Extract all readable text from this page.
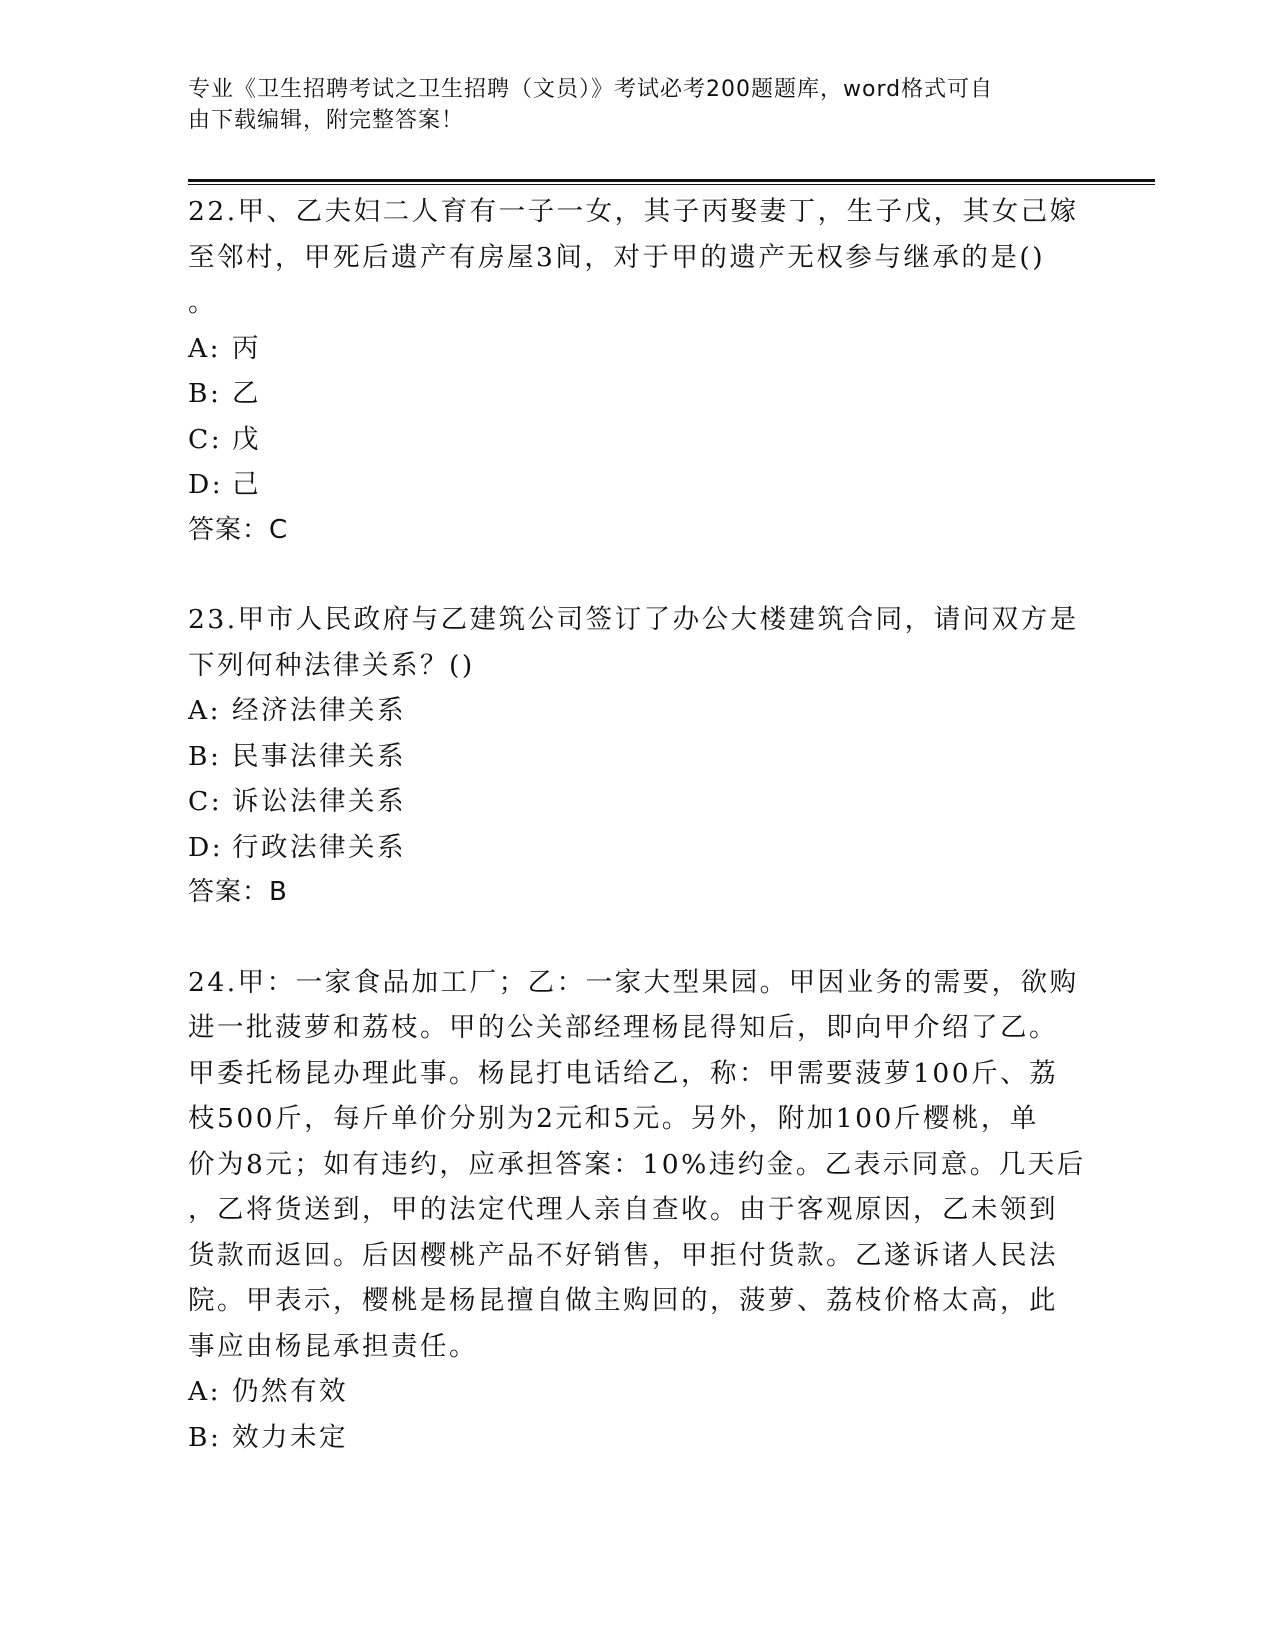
专业《卫生招聘考试之卫生招聘（文员）》考试必考200题题库，word格式可自
由下载编辑，附完整答案！
22.甲、乙夫妇二人育有一子一女，其子丙娶妻丁，生子戊，其女己嫁
至邻村，甲死后遗产有房屋3间，对于甲的遗产无权参与继承的是()
。
A: 丙
B: 乙
C: 戊
D: 己
答案：C
23.甲市人民政府与乙建筑公司签订了办公大楼建筑合同，请问双方是
下列何种法律关系？()
A: 经济法律关系
B: 民事法律关系
C: 诉讼法律关系
D: 行政法律关系
答案：B
24.甲：一家食品加工厂；乙：一家大型果园。甲因业务的需要，欲购
进一批菠萝和荔枝。甲的公关部经理杨昆得知后，即向甲介绍了乙。
甲委托杨昆办理此事。杨昆打电话给乙，称：甲需要菠萝100斤、荔
枝500斤，每斤单价分别为2元和5元。另外，附加100斤樱桃，单
价为8元；如有违约，应承担答案：10%违约金。乙表示同意。几天后
，乙将货送到，甲的法定代理人亲自查收。由于客观原因，乙未领到
货款而返回。后因樱桃产品不好销售，甲拒付货款。乙遂诉诸人民法
院。甲表示，樱桃是杨昆擅自做主购回的，菠萝、荔枝价格太高，此
事应由杨昆承担责任。
A: 仍然有效
B: 效力未定
